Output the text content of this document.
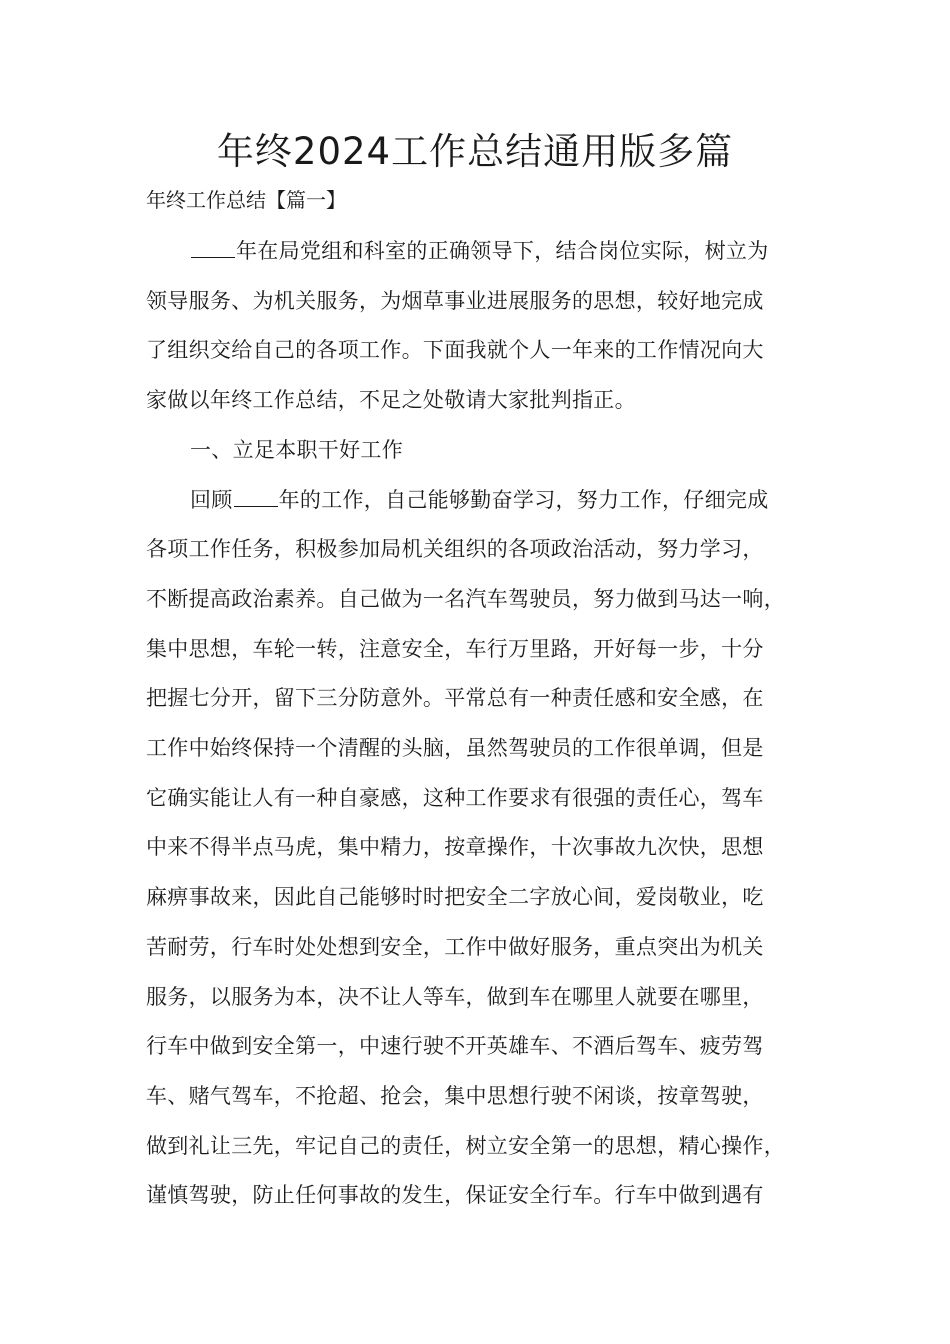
年终2024工作总结通用版多篇

年终工作总结【篇一】

年在局党组和科室的正确领导下，结合岗位实际，树立为

领导服务、为机关服务，为烟草事业进展服务的思想，较好地完成

了组织交给自己的各项工作。下面我就个人一年来的工作情况向大

家做以年终工作总结，不足之处敬请大家批判指正。

一、立足本职干好工作

回顾 年的工作，自己能够勤奋学习，努力工作，仔细完成

各项工作任务，积极参加局机关组织的各项政治活动，努力学习，

不断提高政治素养。自己做为一名汽车驾驶员，努力做到马达一响，

集中思想，车轮一转，注意安全，车行万里路，开好每一步，十分

把握七分开，留下三分防意外。平常总有一种责任感和安全感，在

工作中始终保持一个清醒的头脑，虽然驾驶员的工作很单调，但是

它确实能让人有一种自豪感，这种工作要求有很强的责任心，驾车

中来不得半点马虎，集中精力，按章操作，十次事故九次快，思想

麻痹事故来，因此自己能够时时把安全二字放心间，爱岗敬业，吃

苦耐劳，行车时处处想到安全，工作中做好服务，重点突出为机关

服务，以服务为本，决不让人等车，做到车在哪里人就要在哪里，

行车中做到安全第一，中速行驶不开英雄车、不酒后驾车、疲劳驾

车、赌气驾车，不抢超、抢会，集中思想行驶不闲谈，按章驾驶，

做到礼让三先，牢记自己的责任，树立安全第一的思想，精心操作，

谨慎驾驶，防止任何事故的发生，保证安全行车。行车中做到遇有
